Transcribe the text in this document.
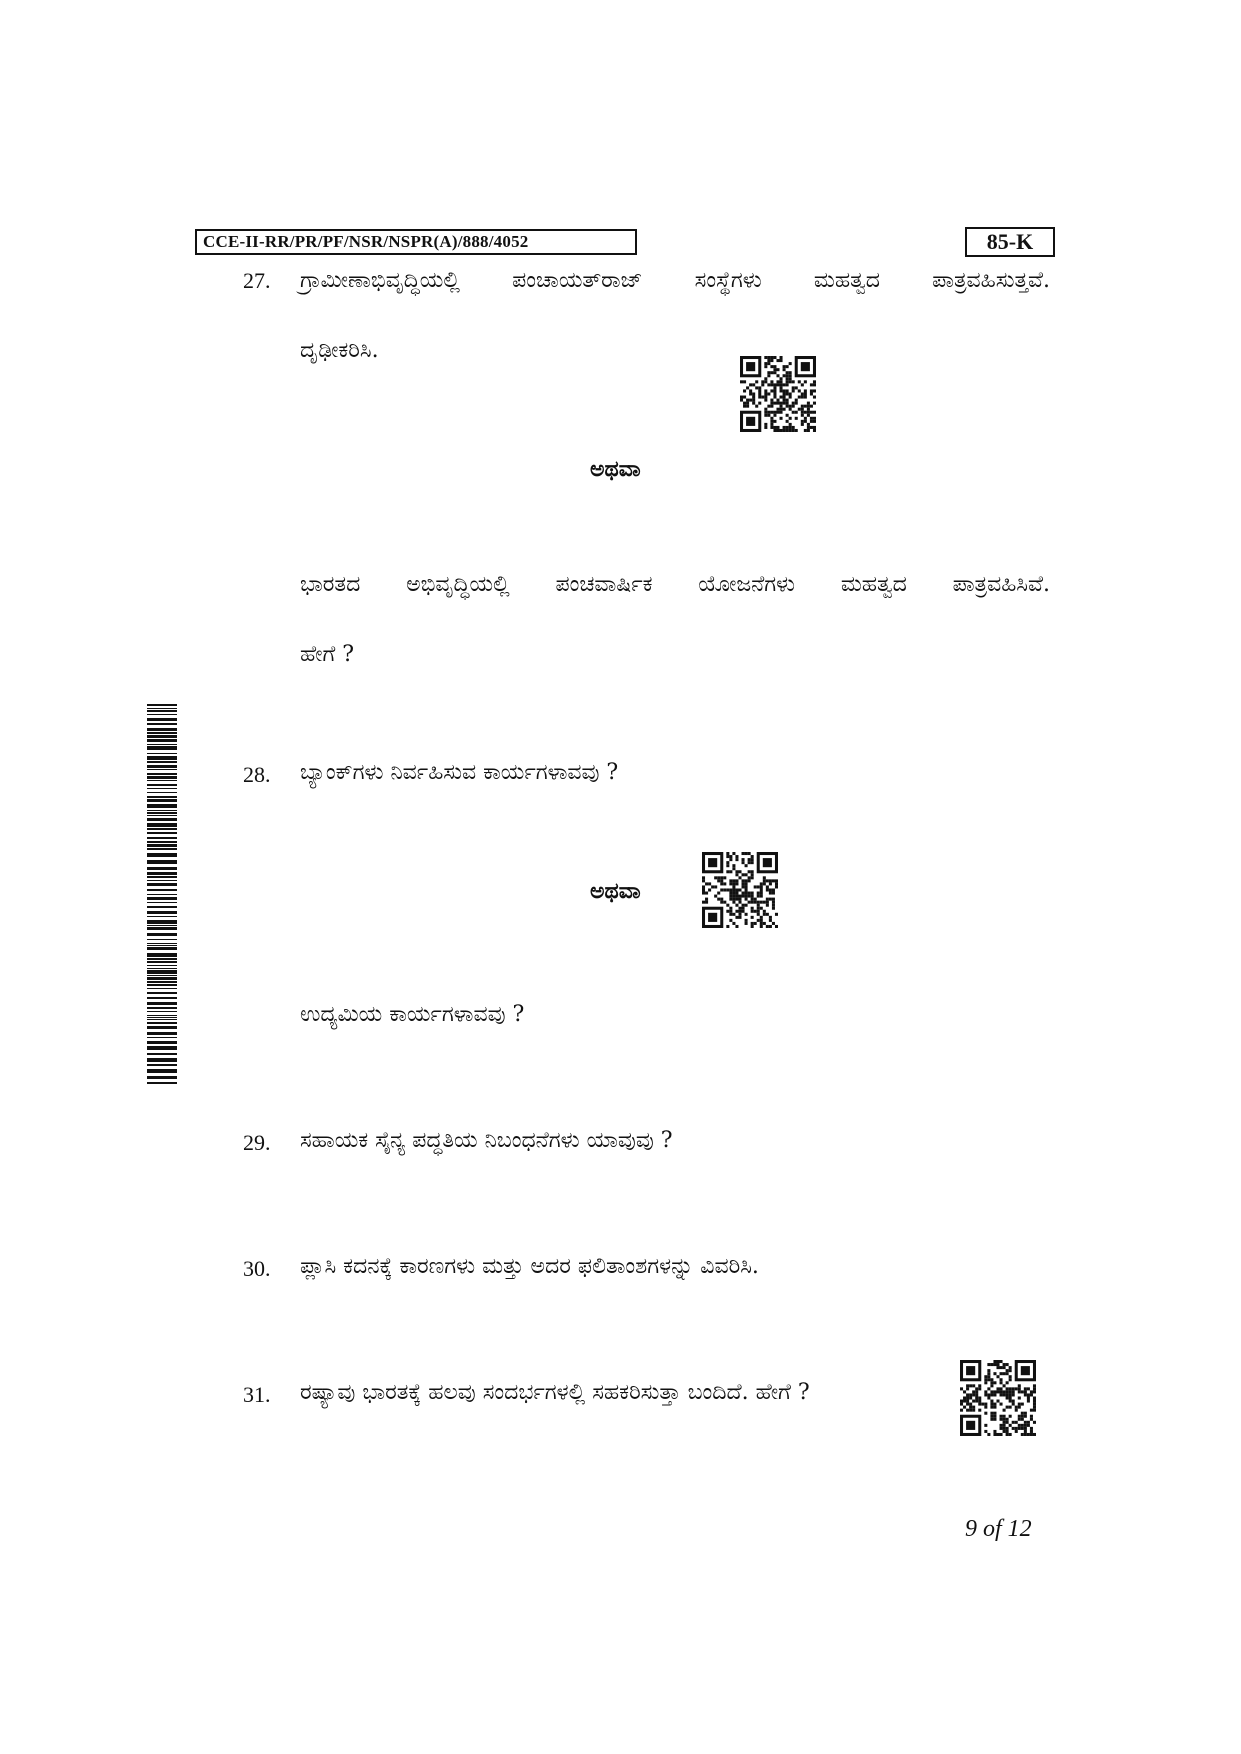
CCE-II-RR/PR/PF/NSR/NSPR(A)/888/4052	85-K
27. ಗ್ರಾಮೀಣಾಭಿವೃದ್ಧಿಯಲ್ಲಿ ಪಂಚಾಯತ್‌ರಾಜ್ ಸಂಸ್ಥೆಗಳು ಮಹತ್ವದ ಪಾತ್ರವಹಿಸುತ್ತವೆ.
ದೃಢೀಕರಿಸಿ.
ಅಥವಾ
ಭಾರತದ ಅಭಿವೃದ್ಧಿಯಲ್ಲಿ ಪಂಚವಾರ್ಷಿಕ ಯೋಜನೆಗಳು ಮಹತ್ವದ ಪಾತ್ರವಹಿಸಿವೆ.
ಹೇಗೆ ?
28. ಬ್ಯಾಂಕ್‌ಗಳು ನಿರ್ವಹಿಸುವ ಕಾರ್ಯಗಳಾವವು ?
ಅಥವಾ
ಉದ್ಯಮಿಯ ಕಾರ್ಯಗಳಾವವು ?
29. ಸಹಾಯಕ ಸೈನ್ಯ ಪದ್ಧತಿಯ ನಿಬಂಧನೆಗಳು ಯಾವುವು ?
30. ಪ್ಲಾಸಿ ಕದನಕ್ಕೆ ಕಾರಣಗಳು ಮತ್ತು ಅದರ ಫಲಿತಾಂಶಗಳನ್ನು ವಿವರಿಸಿ.
31. ರಷ್ಯಾವು ಭಾರತಕ್ಕೆ ಹಲವು ಸಂದರ್ಭಗಳಲ್ಲಿ ಸಹಕರಿಸುತ್ತಾ ಬಂದಿದೆ. ಹೇಗೆ ?
9 of 12
